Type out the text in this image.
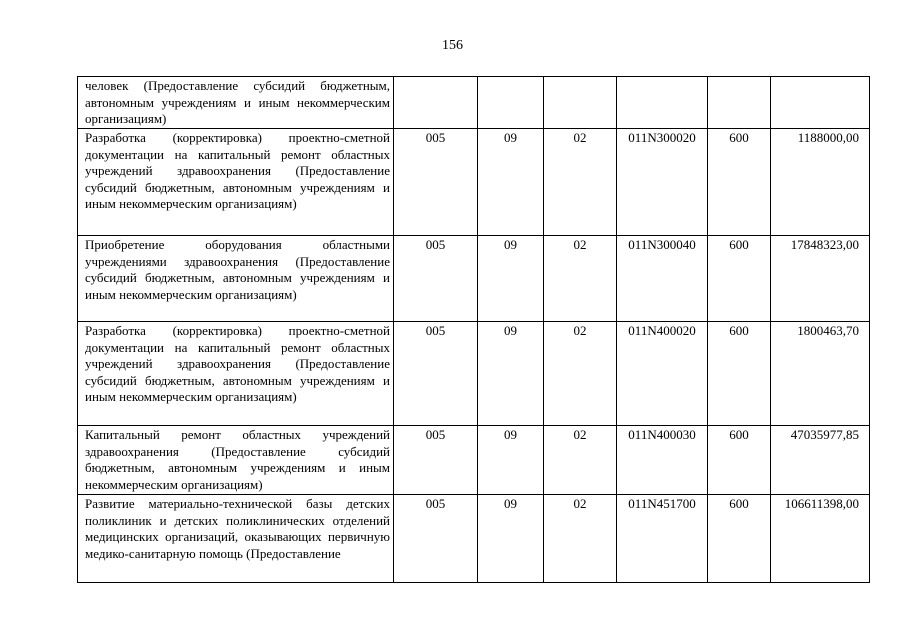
156
человек (Предоставление субсидий бюджетным, автономным учреждениям и иным некоммерческим организациям)						

Разработка (корректировка) проектно-сметной документации на капитальный ремонт областных учреждений здравоохранения (Предоставление субсидий бюджетным, автономным учреждениям и иным некоммерческим организациям)	005	09	02	011N300020	600	1188000,00

Приобретение оборудования областными учреждениями здравоохранения (Предоставление субсидий бюджетным, автономным учреждениям и иным некоммерческим организациям)	005	09	02	011N300040	600	17848323,00

Разработка (корректировка) проектно-сметной документации на капитальный ремонт областных учреждений здравоохранения (Предоставление субсидий бюджетным, автономным учреждениям и иным некоммерческим организациям)	005	09	02	011N400020	600	1800463,70

Капитальный ремонт областных учреждений здравоохранения (Предоставление субсидий бюджетным, автономным учреждениям и иным некоммерческим организациям)	005	09	02	011N400030	600	47035977,85

Развитие материально-технической базы детских поликлиник и детских поликлинических отделений медицинских организаций, оказывающих первичную медико-санитарную помощь (Предоставление	005	09	02	011N451700	600	106611398,00
